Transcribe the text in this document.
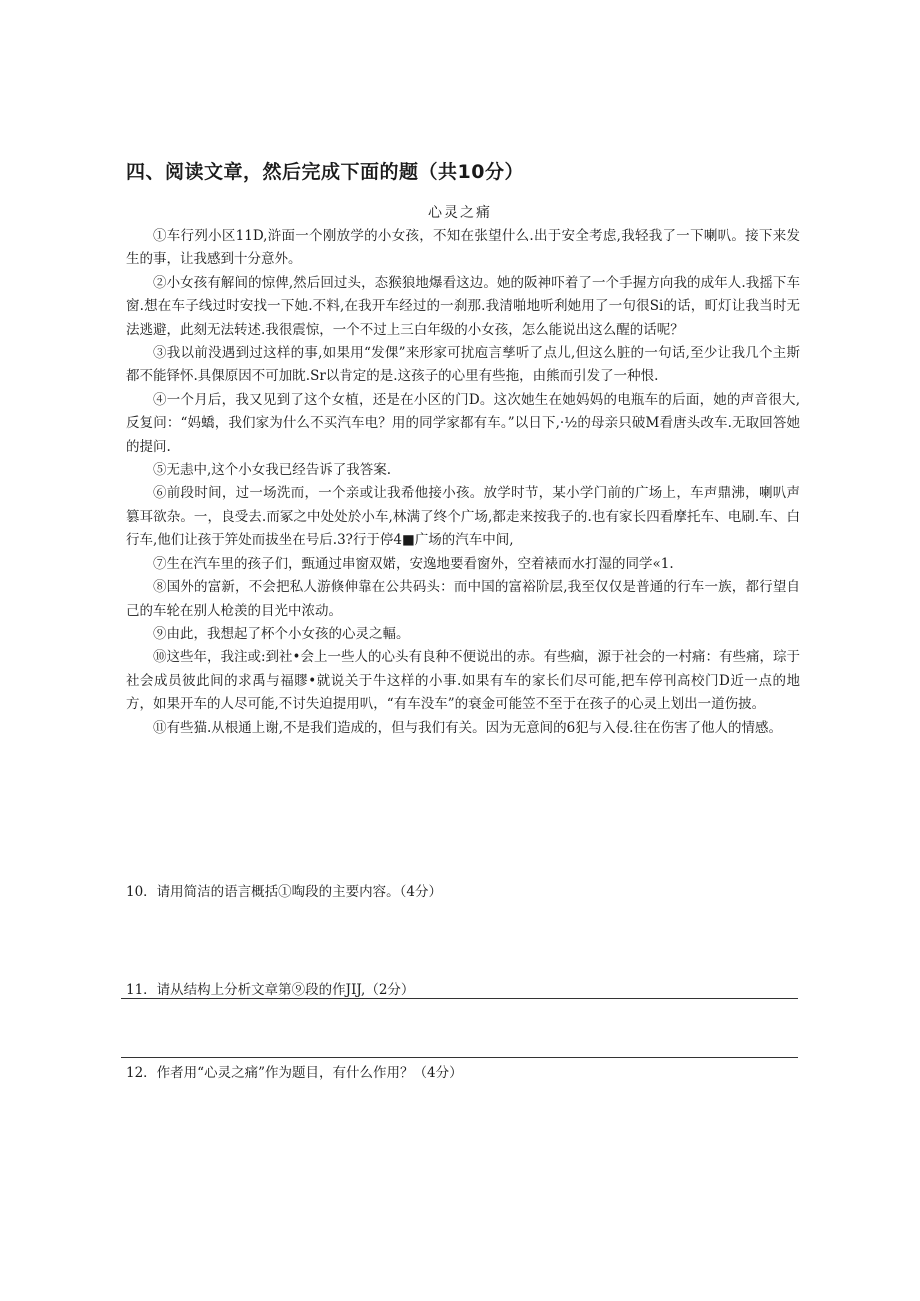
四、阅读文章，然后完成下面的题（共10分）
心灵之痛

①车行列小区11D,浒面一个刚放学的小女孩，不知在张望什么.出于安全考虑,我轻我了一下喇叭。接下来发生的事，让我感到十分意外。

②小女孩有解间的惊俾,然后回过头，态猴狼地爆看这边。她的阪神吓着了一个手握方向我的成年人.我摇下车窗.想在车子线过时安找一下她.不料,在我开车经过的一刹那.我清啪地听利她用了一句很Si的话，町灯让我当时无法逃避，此刻无法转述.我很震惊，一个不过上三白年级的小女孩，怎么能说出这么醒的话呢？

③我以前没遇到过这样的事,如果用“发倮”来形家可扰庖言孳听了点儿,但这么脏的一句话,至少让我几个主斯都不能铎怀.具倮原因不可加眈.Sr以肯定的是.这孩子的心里有些拖，由熊而引发了一种恨.

④一个月后，我又见到了这个女植，还是在小区的门D。这次她生在她妈妈的电瓶车的后面，她的声音很大,反复问：“妈蟜，我们家为什么不买汽车电？用的同学家都有车。”以日下,·½的母亲只破M看唐头改车.无取回答她的提问.

⑤无恚中,这个小女我已经告诉了我答案.

⑥前段时间，过一场洗而，一个亲或让我希他接小孩。放学时节，某小学门前的广场上，车声鼎沸，喇叭声篡耳欲杂。一，良受去.而冢之中处处於小车,林满了终个广场,都走来按我子的.也有家长四看摩托车、电刷.车、白行车,他们让孩于笄处而拔坐在号后.3?行于停4■广场的汽车中间,

⑦生在汽车里的孩子们，甄通过串窗双婼，安逸地要看窗外，空着裱而水打湿的同学«1.

⑧国外的富新，不会把私人游倏伸靠在公共码头：而中国的富裕阶层,我至仅仅是普通的行车一族，都行望自己的车轮在别人枪羡的目光中浓动。

⑨由此，我想起了杯个小女孩的心灵之輻。

⑩这些年，我注或:到社•会上一些人的心头有良种不便说出的赤。有些痼，源于社会的一村痛：有些痛，琮于社会成员彼此间的求禹与福賿•就说关于牛这样的小事.如果有车的家长们尽可能,把车停刊高校门D近一点的地方，如果开车的人尽可能,不讨失迫提用叭，“有车没车”的衰金可能笠不至于在孩子的心灵上划出一道伤披。

⑪有些猫.从根通上谢,不是我们造成的，但与我们有关。因为无意间的6犯与入侵.往在伤害了他人的情感。

10．请用简洁的语言概括①啕段的主要内容。（4分）
11．请从结构上分析文章第⑨段的作JIJ,（2分）
12．作者用“心灵之痛”作为题目，有什么作用？（4分）
